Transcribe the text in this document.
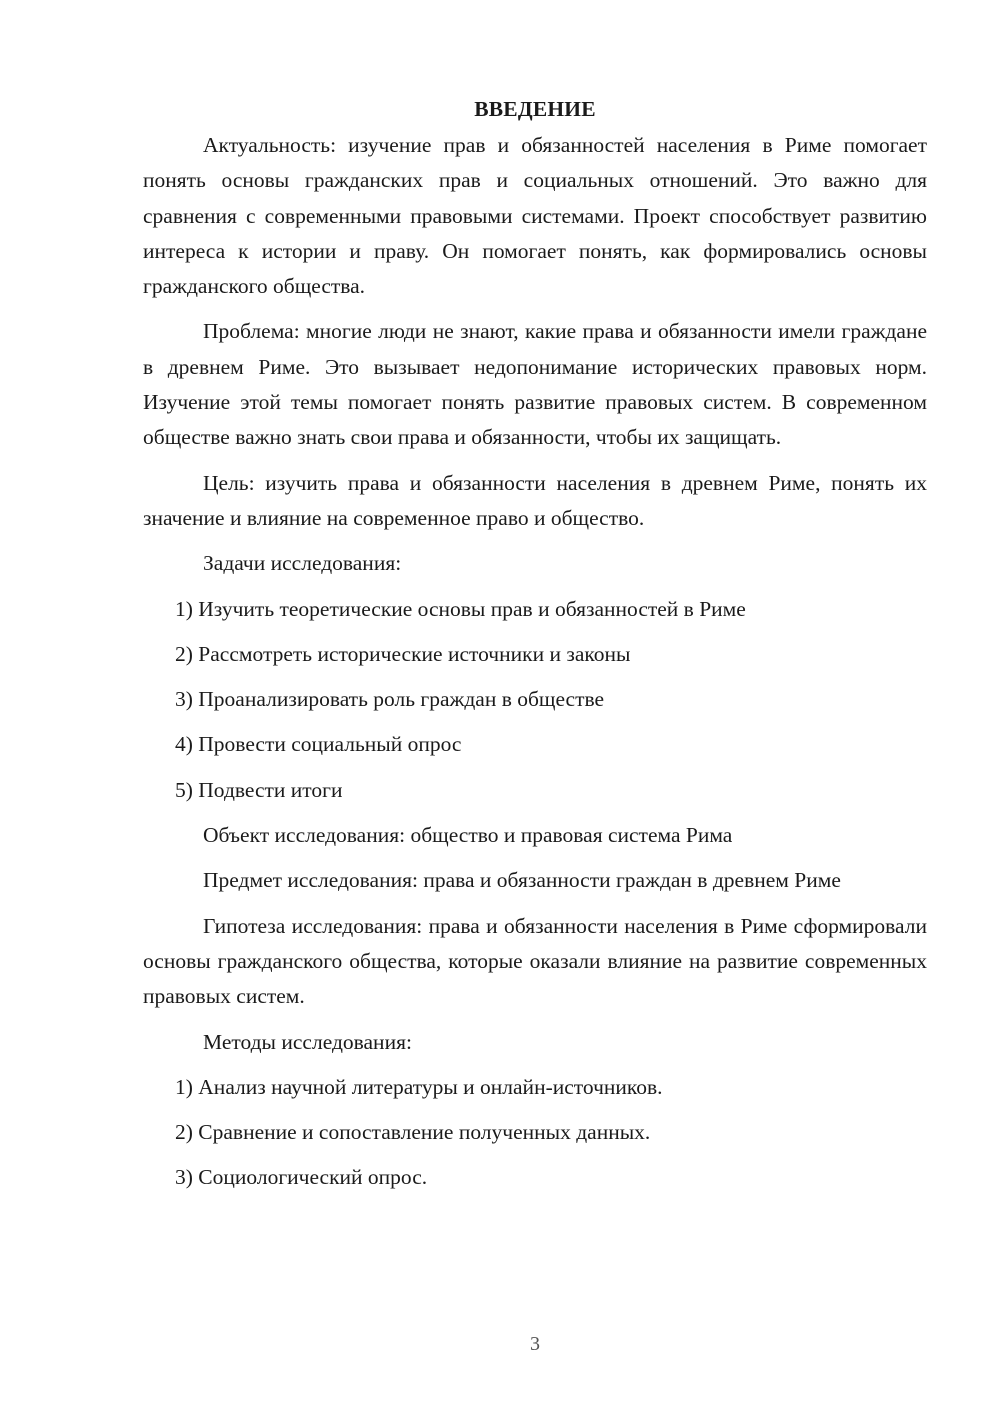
ВВЕДЕНИЕ

Актуальность: изучение прав и обязанностей населения в Риме помогает понять основы гражданских прав и социальных отношений. Это важно для сравнения с современными правовыми системами. Проект способствует развитию интереса к истории и праву. Он помогает понять, как формировались основы гражданского общества.

Проблема: многие люди не знают, какие права и обязанности имели граждане в древнем Риме. Это вызывает недопонимание исторических правовых норм. Изучение этой темы помогает понять развитие правовых систем. В современном обществе важно знать свои права и обязанности, чтобы их защищать.

Цель: изучить права и обязанности населения в древнем Риме, понять их значение и влияние на современное право и общество.

Задачи исследования:

1) Изучить теоретические основы прав и обязанностей в Риме

2) Рассмотреть исторические источники и законы

3) Проанализировать роль граждан в обществе

4) Провести социальный опрос

5) Подвести итоги

Объект исследования: общество и правовая система Рима

Предмет исследования: права и обязанности граждан в древнем Риме

Гипотеза исследования: права и обязанности населения в Риме сформировали основы гражданского общества, которые оказали влияние на развитие современных правовых систем.

Методы исследования:

1) Анализ научной литературы и онлайн-источников.

2) Сравнение и сопоставление полученных данных.

3) Социологический опрос.

3
